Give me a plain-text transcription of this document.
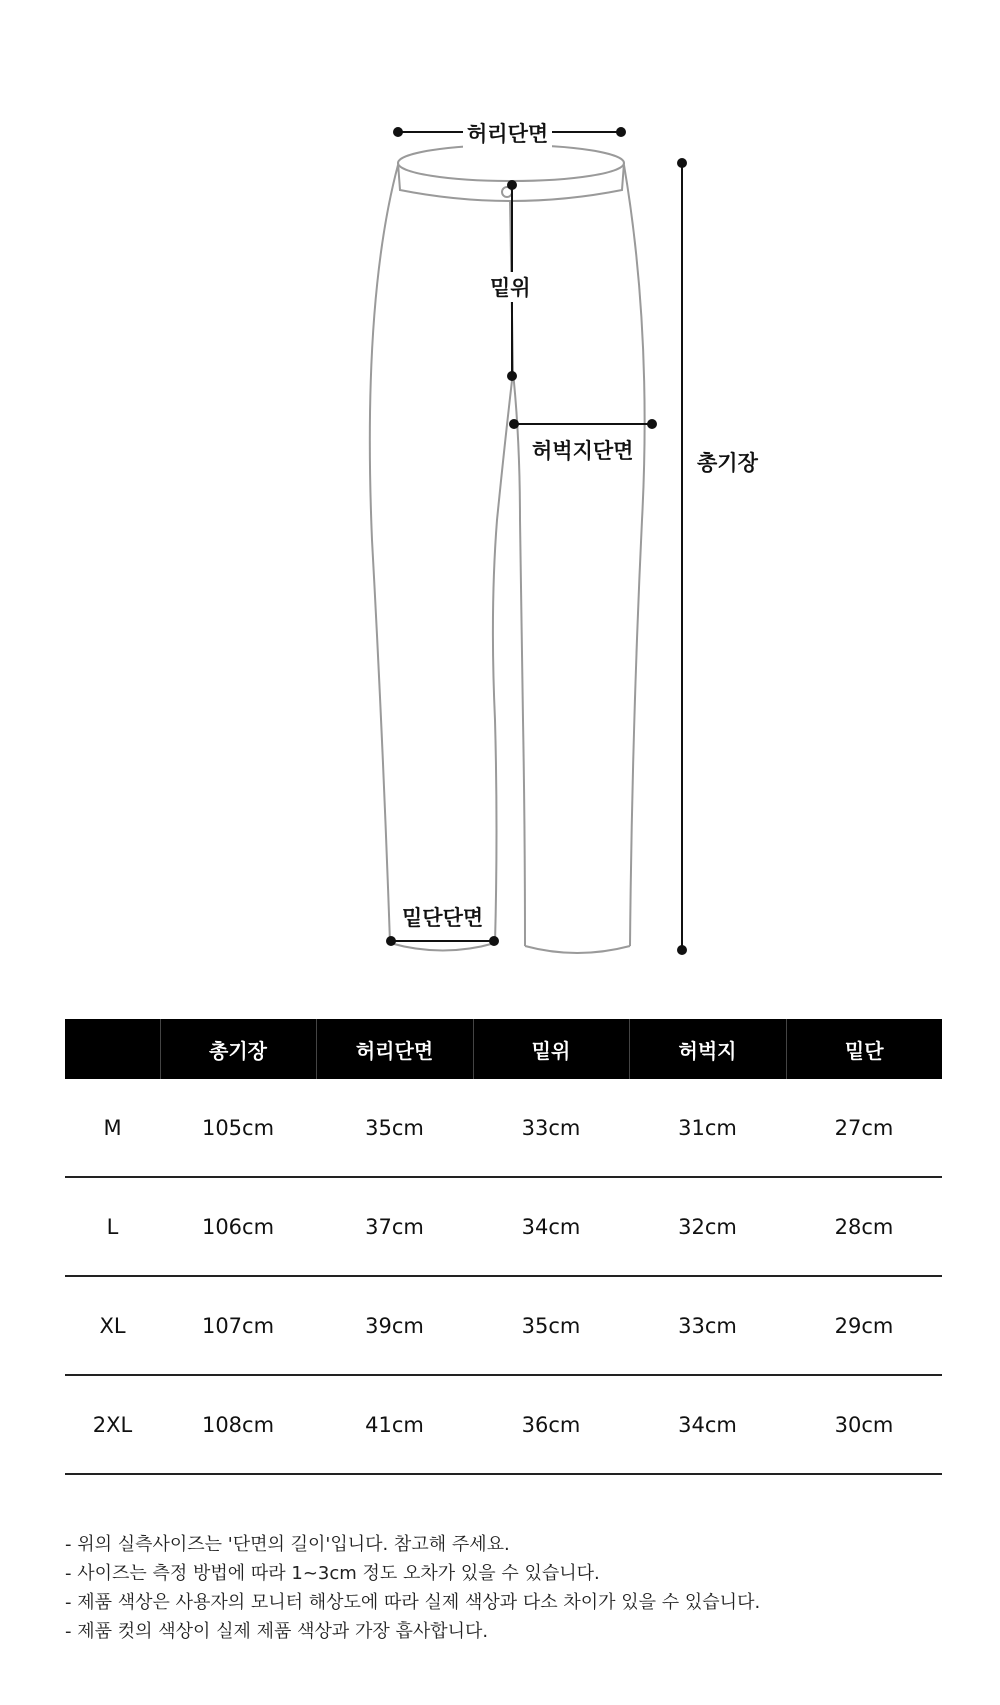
허리단면
밑위
허벅지단면	총기장
밑단단면
	총기장	허리단면	밑위	허벅지	밑단
M	105cm	35cm	33cm	31cm	27cm
L	106cm	37cm	34cm	32cm	28cm
XL	107cm	39cm	35cm	33cm	29cm
2XL	108cm	41cm	36cm	34cm	30cm
- 위의 실측사이즈는 '단면의 길이'입니다. 참고해 주세요.
- 사이즈는 측정 방법에 따라 1~3cm 정도 오차가 있을 수 있습니다.
- 제품 색상은 사용자의 모니터 해상도에 따라 실제 색상과 다소 차이가 있을 수 있습니다.
- 제품 컷의 색상이 실제 제품 색상과 가장 흡사합니다.
